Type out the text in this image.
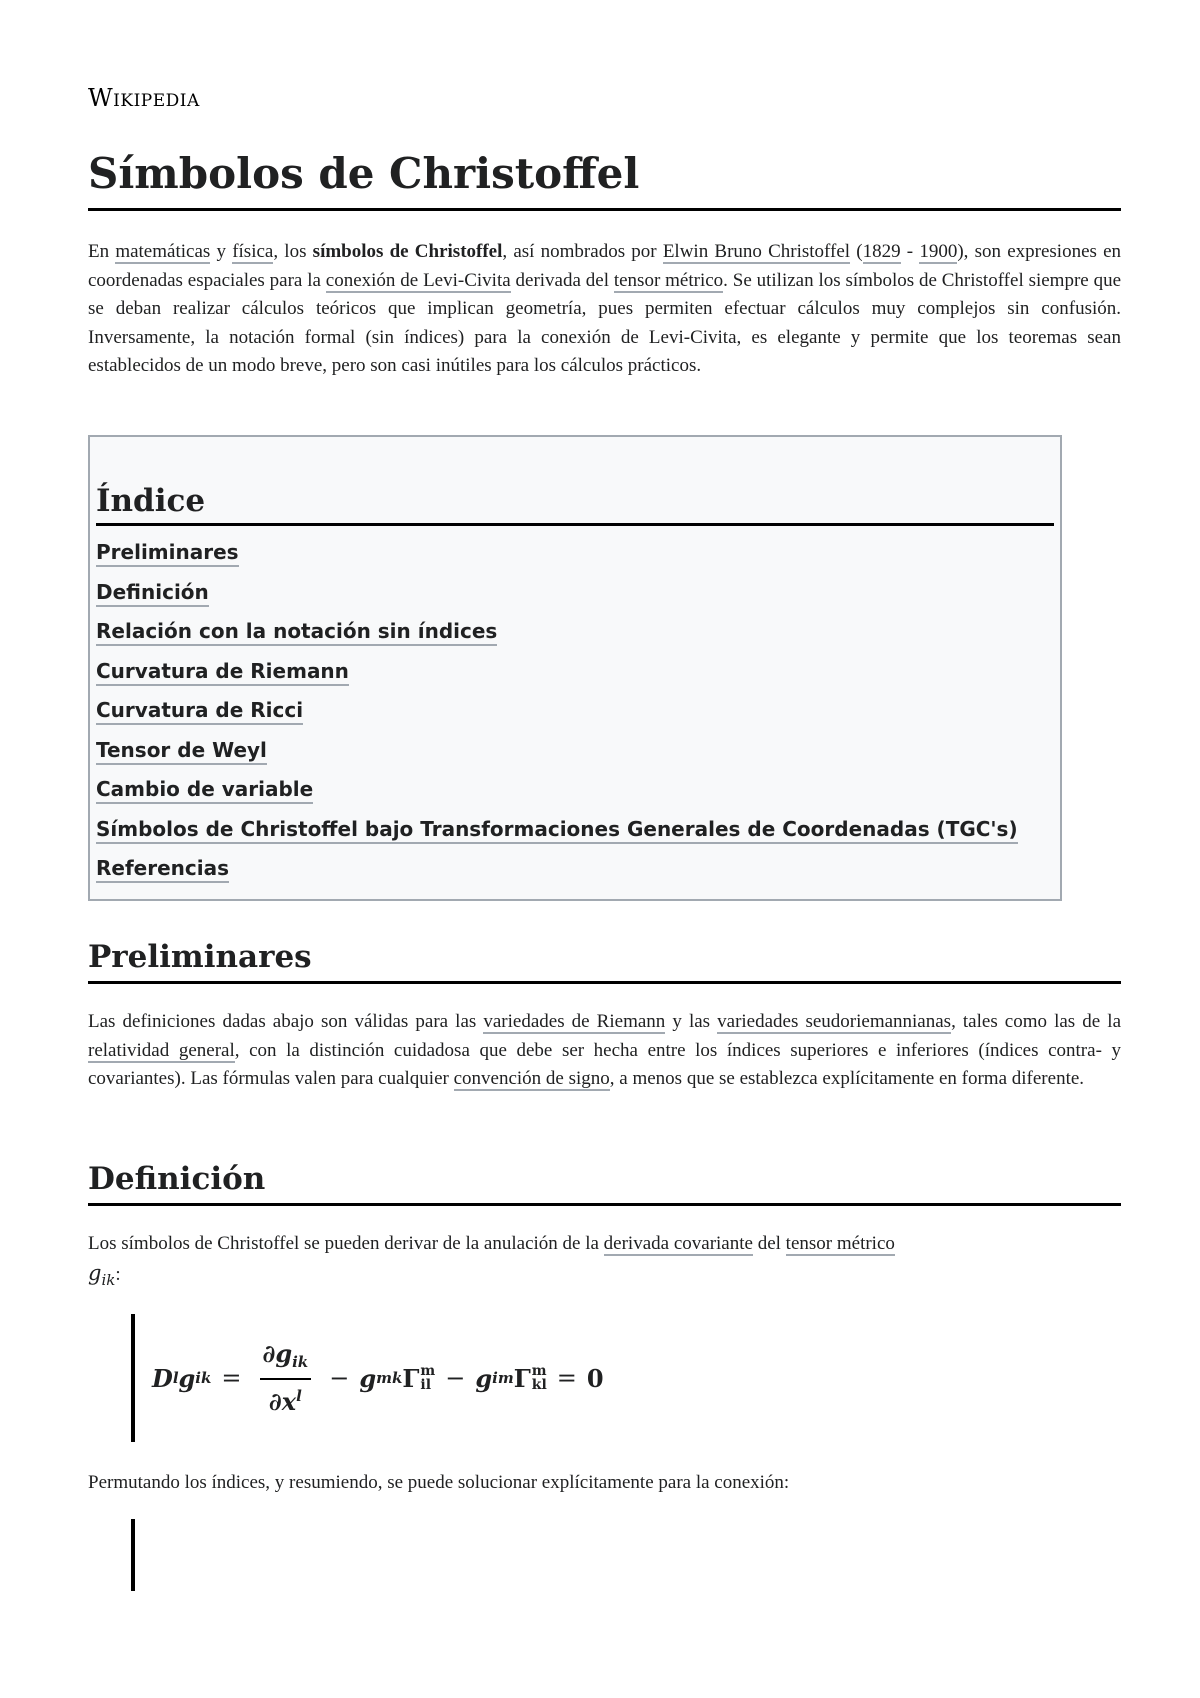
Wikipedia
Símbolos de Christoffel

En matemáticas y física, los símbolos de Christoffel, así nombrados por Elwin Bruno Christoffel (1829 - 1900), son expresiones en coordenadas espaciales para la conexión de Levi-Civita derivada del tensor métrico. Se utilizan los símbolos de Christoffel siempre que se deban realizar cálculos teóricos que implican geometría, pues permiten efectuar cálculos muy complejos sin confusión. Inversamente, la notación formal (sin índices) para la conexión de Levi-Civita, es elegante y permite que los teoremas sean establecidos de un modo breve, pero son casi inútiles para los cálculos prácticos.

Índice
Preliminares
Definición
Relación con la notación sin índices
Curvatura de Riemann
Curvatura de Ricci
Tensor de Weyl
Cambio de variable
Símbolos de Christoffel bajo Transformaciones Generales de Coordenadas (TGC's)
Referencias
Preliminares

Las definiciones dadas abajo son válidas para las variedades de Riemann y las variedades seudoriemannianas, tales como las de la relatividad general, con la distinción cuidadosa que debe ser hecha entre los índices superiores e inferiores (índices contra- y covariantes). Las fórmulas valen para cualquier convención de signo, a menos que se establezca explícitamente en forma diferente.

Definición

Los símbolos de Christoffel se pueden derivar de la anulación de la derivada covariante del tensor métrico
$g_{ik}$:

D l g ik = $\frac{\partial g_{ik}}{\partial x^l} - g$ mk Γ m
il − g im Γ m
kl = 0

Permutando los índices, y resumiendo, se puede solucionar explícitamente para la conexión:
